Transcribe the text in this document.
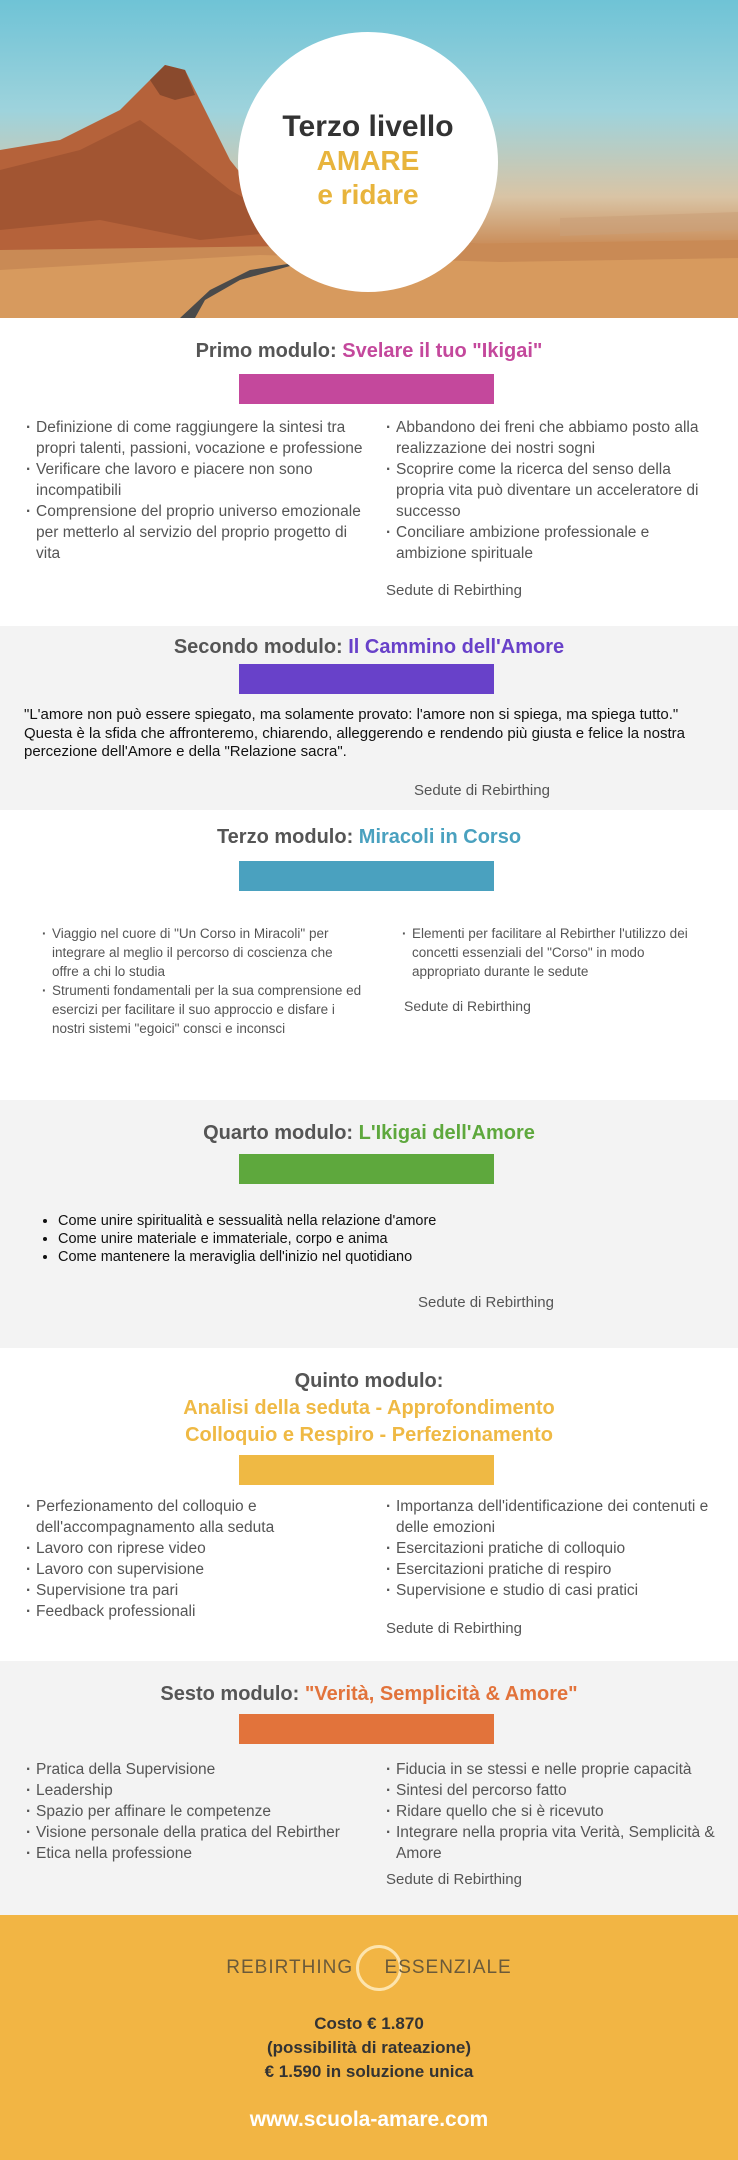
Terzo livello
AMARE
e ridare
Primo modulo: Svelare il tuo "Ikigai"
· Definizione di come raggiungere la sintesi tra propri talenti, passioni, vocazione e professione
· Verificare che lavoro e piacere non sono incompatibili
· Comprensione del proprio universo emozionale per metterlo al servizio del proprio progetto di vita
· Abbandono dei freni che abbiamo posto alla realizzazione dei nostri sogni
· Scoprire come la ricerca del senso della propria vita può diventare un acceleratore di successo
· Conciliare ambizione professionale e ambizione spirituale
Sedute di Rebirthing
Secondo modulo: Il Cammino dell'Amore
"L'amore non può essere spiegato, ma solamente provato: l'amore non si spiega, ma spiega tutto."
Questa è la sfida che affronteremo, chiarendo, alleggerendo e rendendo più giusta e felice la nostra percezione dell'Amore e della "Relazione sacra".
Sedute di Rebirthing
Terzo modulo: Miracoli in Corso
· Viaggio nel cuore di "Un Corso in Miracoli" per integrare al meglio il percorso di coscienza che offre a chi lo studia
· Strumenti fondamentali per la sua comprensione ed esercizi per facilitare il suo approccio e disfare i nostri sistemi "egoici" consci e inconsci
· Elementi per facilitare al Rebirther l'utilizzo dei concetti essenziali del "Corso" in modo appropriato durante le sedute
Sedute di Rebirthing
Quarto modulo: L'Ikigai dell'Amore
• Come unire spiritualità e sessualità nella relazione d'amore
• Come unire materiale e immateriale, corpo e anima
• Come mantenere la meraviglia dell'inizio nel quotidiano
Sedute di Rebirthing
Quinto modulo:
Analisi della seduta - Approfondimento
Colloquio e Respiro - Perfezionamento
· Perfezionamento del colloquio e dell'accompagnamento alla seduta
· Lavoro con riprese video
· Lavoro con supervisione
· Supervisione tra pari
· Feedback professionali
· Importanza dell'identificazione dei contenuti e delle emozioni
· Esercitazioni pratiche di colloquio
· Esercitazioni pratiche di respiro
· Supervisione e studio di casi pratici
Sedute di Rebirthing
Sesto modulo: "Verità, Semplicità & Amore"
· Pratica della Supervisione
· Leadership
· Spazio per affinare le competenze
· Visione personale della pratica del Rebirther
· Etica nella professione
· Fiducia in se stessi e nelle proprie capacità
· Sintesi del percorso fatto
· Ridare quello che si è ricevuto
· Integrare nella propria vita Verità, Semplicità & Amore
Sedute di Rebirthing
REBIRTHING ESSENZIALE
Costo € 1.870
(possibilità di rateazione)
€ 1.590 in soluzione unica
www.scuola-amare.com
